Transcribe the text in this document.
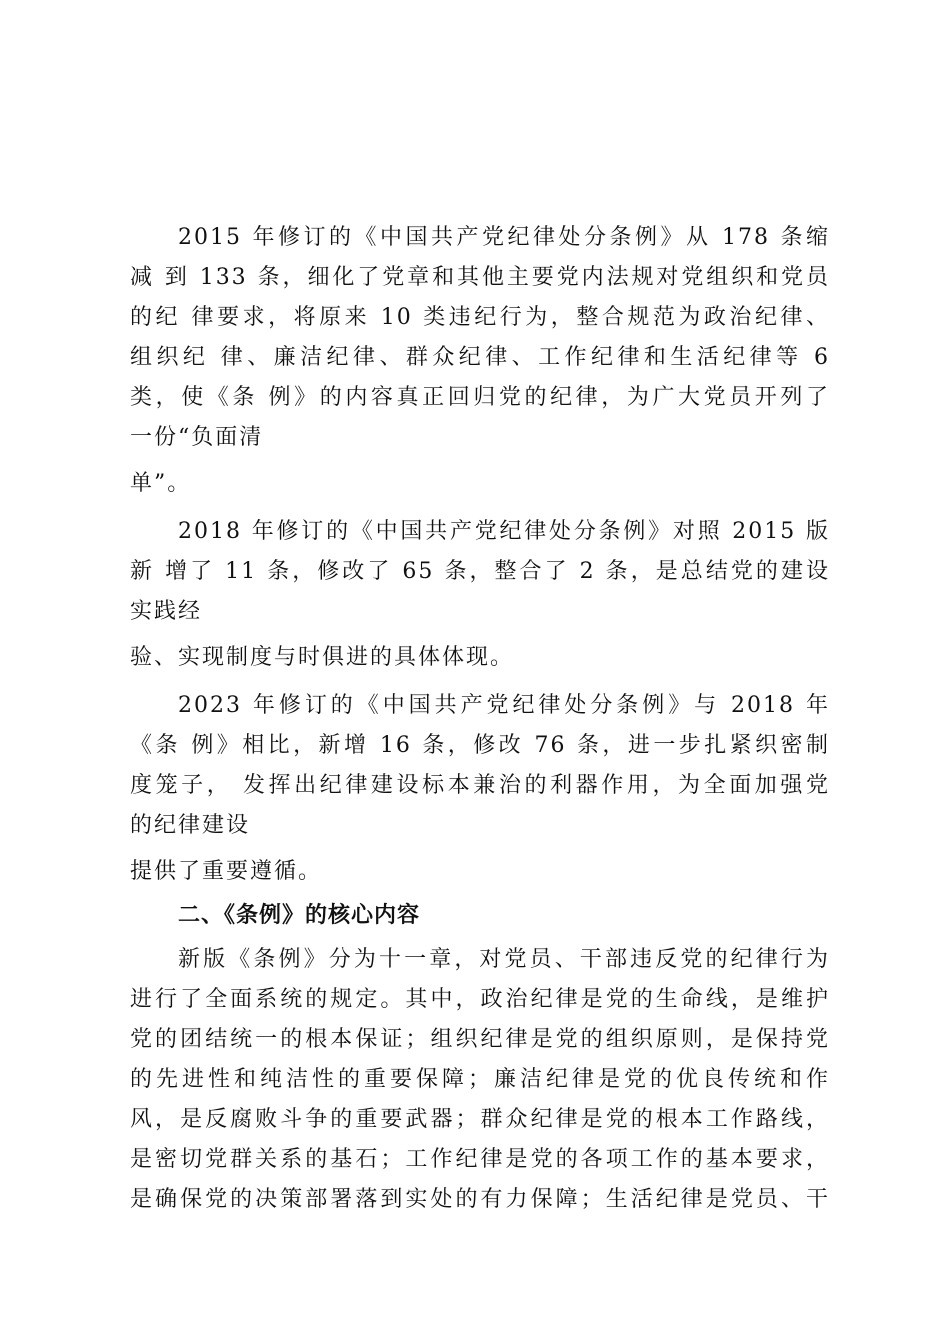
2015 年修订的《中国共产党纪律处分条例》从 178 条缩
减 到 133 条，细化了党章和其他主要党内法规对党组织和党员
的纪 律要求，将原来 10 类违纪行为，整合规范为政治纪律、
组织纪 律、廉洁纪律、群众纪律、工作纪律和生活纪律等 6
类，使《条 例》的内容真正回归党的纪律，为广大党员开列了
一份“负面清
单”。
2018 年修订的《中国共产党纪律处分条例》对照 2015 版
新 增了 11 条，修改了 65 条，整合了 2 条，是总结党的建设
实践经
验、实现制度与时俱进的具体体现。
2023 年修订的《中国共产党纪律处分条例》与 2018 年
《条 例》相比，新增 16 条，修改 76 条，进一步扎紧织密制
度笼子， 发挥出纪律建设标本兼治的利器作用，为全面加强党
的纪律建设
提供了重要遵循。
二、《条例》的核心内容
新版《条例》分为十一章，对党员、干部违反党的纪律行为
进行了全面系统的规定。其中，政治纪律是党的生命线，是维护
党的团结统一的根本保证；组织纪律是党的组织原则，是保持党
的先进性和纯洁性的重要保障；廉洁纪律是党的优良传统和作
风，是反腐败斗争的重要武器；群众纪律是党的根本工作路线，
是密切党群关系的基石；工作纪律是党的各项工作的基本要求，
是确保党的决策部署落到实处的有力保障；生活纪律是党员、干
